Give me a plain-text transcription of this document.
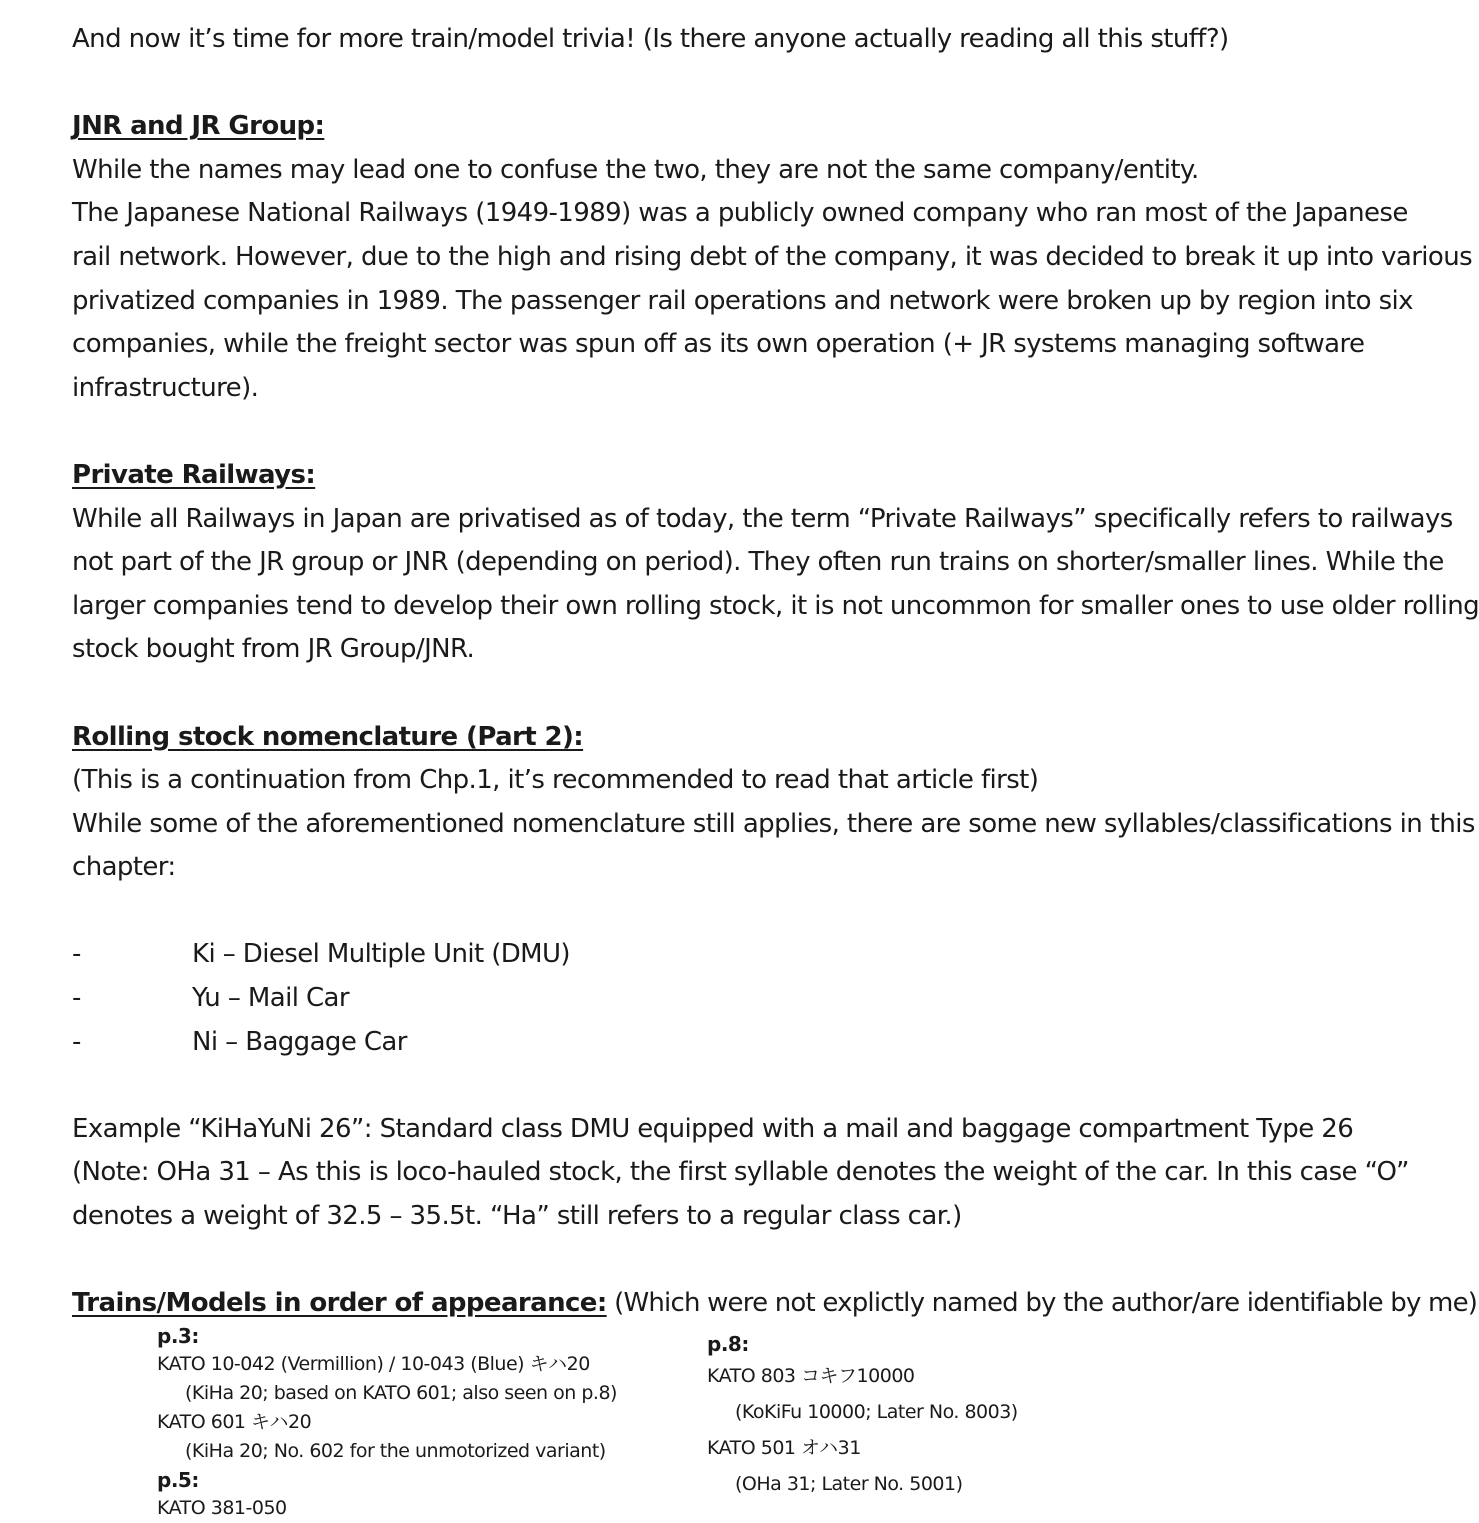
And now it’s time for more train/model trivia! (Is there anyone actually reading all this stuff?)
JNR and JR Group:
While the names may lead one to confuse the two, they are not the same company/entity.
The Japanese National Railways (1949-1989) was a publicly owned company who ran most of the Japanese
rail network. However, due to the high and rising debt of the company, it was decided to break it up into various
privatized companies in 1989. The passenger rail operations and network were broken up by region into six
companies, while the freight sector was spun off as its own operation (+ JR systems managing software
infrastructure).
Private Railways:
While all Railways in Japan are privatised as of today, the term “Private Railways” specifically refers to railways
not part of the JR group or JNR (depending on period). They often run trains on shorter/smaller lines. While the
larger companies tend to develop their own rolling stock, it is not uncommon for smaller ones to use older rolling
stock bought from JR Group/JNR.
Rolling stock nomenclature (Part 2):
(This is a continuation from Chp.1, it’s recommended to read that article first)
While some of the aforementioned nomenclature still applies, there are some new syllables/classifications in this
chapter:
-	Ki – Diesel Multiple Unit (DMU)
-	Yu – Mail Car
-	Ni – Baggage Car
Example “KiHaYuNi 26”: Standard class DMU equipped with a mail and baggage compartment Type 26
(Note: OHa 31 – As this is loco-hauled stock, the first syllable denotes the weight of the car. In this case “O”
denotes a weight of 32.5 – 35.5t. “Ha” still refers to a regular class car.)
Trains/Models in order of appearance: (Which were not explictly named by the author/are identifiable by me)
p.3:
KATO 10-042 (Vermillion) / 10-043 (Blue) キハ20
(KiHa 20; based on KATO 601; also seen on p.8)
KATO 601 キハ20
(KiHa 20; No. 602 for the unmotorized variant)
p.5:
KATO 381-050
p.8:
KATO 803 コキフ10000
(KoKiFu 10000; Later No. 8003)
KATO 501 オハ31
(OHa 31; Later No. 5001)
